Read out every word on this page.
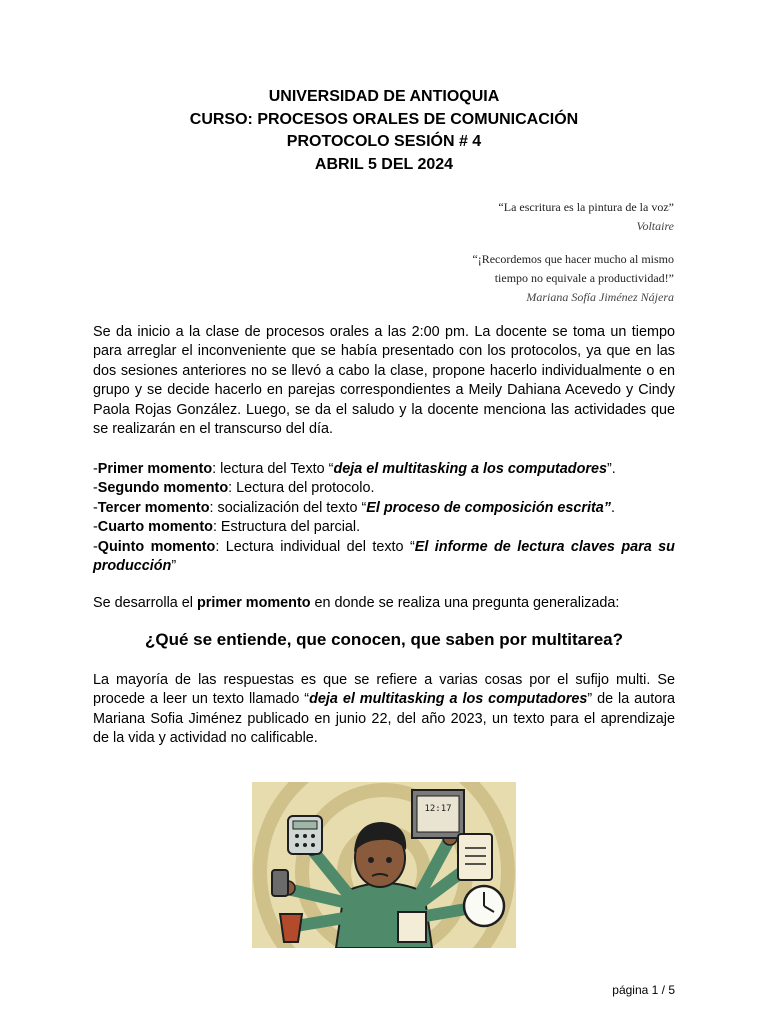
UNIVERSIDAD DE ANTIOQUIA
CURSO: PROCESOS ORALES DE COMUNICACIÓN
PROTOCOLO SESIÓN # 4
ABRIL 5 DEL 2024
“La escritura es la pintura de la voz”
Voltaire
“¡Recordemos que hacer mucho al mismo
tiempo no equivale a productividad!”
Mariana Sofía Jiménez Nájera

Se da inicio a la clase de procesos orales a las 2:00 pm. La docente se toma un tiempo para arreglar el inconveniente que se había presentado con los protocolos, ya que en las dos sesiones anteriores no se llevó a cabo la clase, propone hacerlo individualmente o en grupo y se decide hacerlo en parejas correspondientes a Meily Dahiana Acevedo y Cindy Paola Rojas González. Luego, se da el saludo y la docente menciona las actividades que se realizarán en el transcurso del día.

-Primer momento: lectura del Texto “deja el multitasking a los computadores”.
-Segundo momento: Lectura del protocolo.
-Tercer momento: socialización del texto “El proceso de composición escrita”.
-Cuarto momento: Estructura del parcial.
-Quinto momento: Lectura individual del texto “El informe de lectura claves para su producción”

Se desarrolla el primer momento en donde se realiza una pregunta generalizada:

¿Qué se entiende, que conocen, que saben por multitarea?

La mayoría de las respuestas es que se refiere a varias cosas por el sufijo multi. Se procede a leer un texto llamado “deja el multitasking a los computadores” de la autora Mariana Sofia Jiménez publicado en junio 22, del año 2023, un texto para el aprendizaje de la vida y actividad no calificable.

12:17
página 1 / 5
